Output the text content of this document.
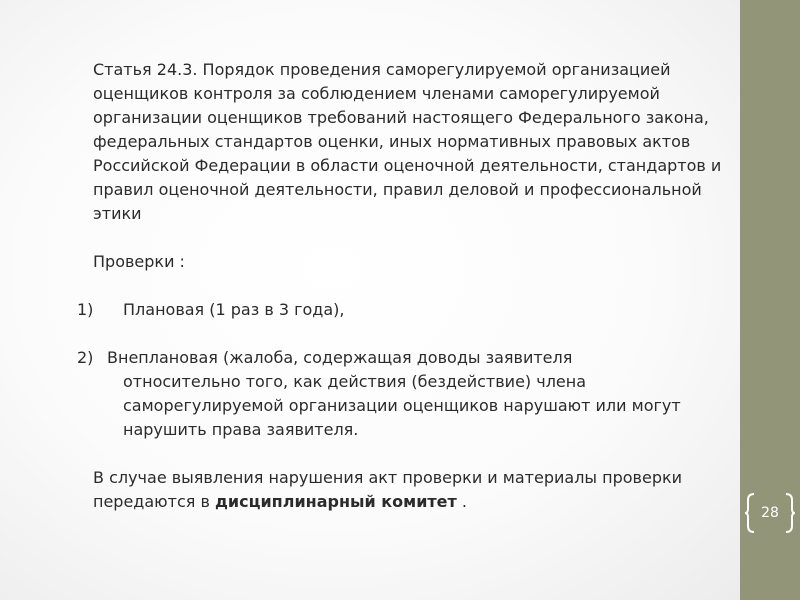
Статья 24.3. Порядок проведения саморегулируемой организацией оценщиков контроля за соблюдением членами саморегулируемой организации оценщиков требований настоящего Федерального закона, федеральных стандартов оценки, иных нормативных правовых актов Российской Федерации в области оценочной деятельности, стандартов и правил оценочной деятельности, правил деловой и профессиональной этики

Проверки :

1)	Плановая (1 раз в 3 года),
2) Внеплановая (жалоба, содержащая доводы заявителя
относительно того, как действия (бездействие) члена саморегулируемой организации оценщиков нарушают или могут нарушить права заявителя.

В случае выявления нарушения акт проверки и материалы проверки передаются в дисциплинарный комитет .

28
